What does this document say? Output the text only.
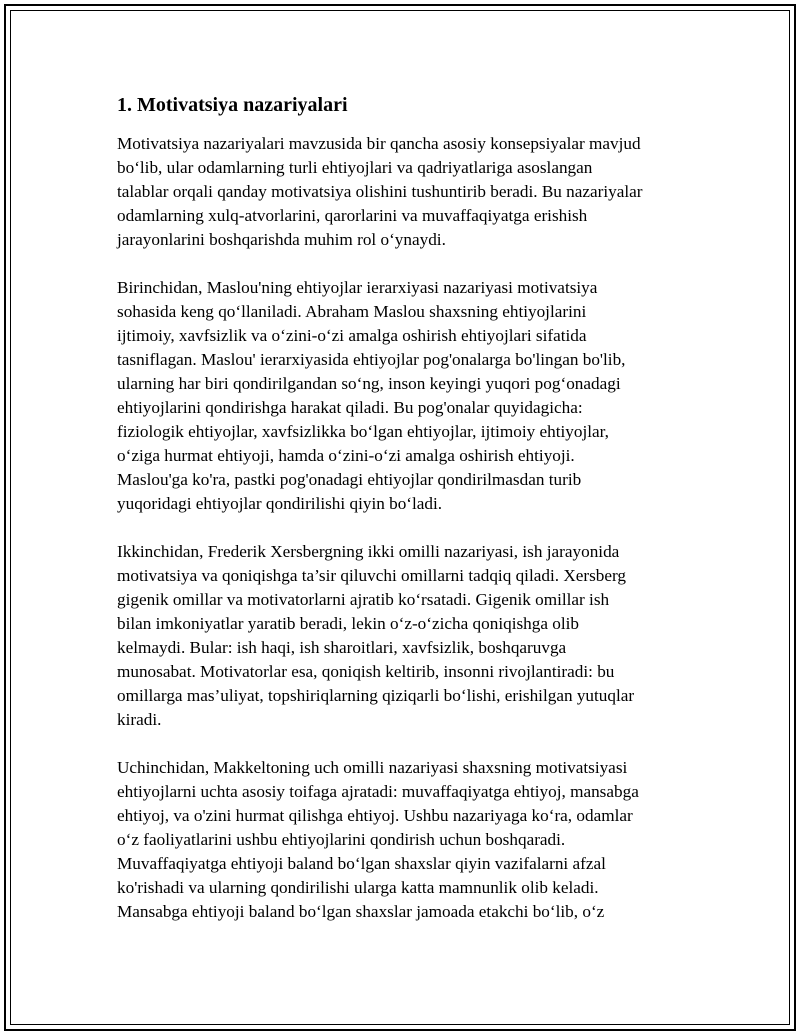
1. Motivatsiya nazariyalari
Motivatsiya nazariyalari mavzusida bir qancha asosiy konsepsiyalar mavjud
bo‘lib, ular odamlarning turli ehtiyojlari va qadriyatlariga asoslangan
talablar orqali qanday motivatsiya olishini tushuntirib beradi. Bu nazariyalar
odamlarning xulq-atvorlarini, qarorlarini va muvaffaqiyatga erishish
jarayonlarini boshqarishda muhim rol o‘ynaydi.
Birinchidan, Maslou'ning ehtiyojlar ierarxiyasi nazariyasi motivatsiya
sohasida keng qo‘llaniladi. Abraham Maslou shaxsning ehtiyojlarini
ijtimoiy, xavfsizlik va o‘zini-o‘zi amalga oshirish ehtiyojlari sifatida
tasniflagan. Maslou' ierarxiyasida ehtiyojlar pog'onalarga bo'lingan bo'lib,
ularning har biri qondirilgandan so‘ng, inson keyingi yuqori pog‘onadagi
ehtiyojlarini qondirishga harakat qiladi. Bu pog'onalar quyidagicha:
fiziologik ehtiyojlar, xavfsizlikka bo‘lgan ehtiyojlar, ijtimoiy ehtiyojlar,
o‘ziga hurmat ehtiyoji, hamda o‘zini-o‘zi amalga oshirish ehtiyoji.
Maslou'ga ko'ra, pastki pog'onadagi ehtiyojlar qondirilmasdan turib
yuqoridagi ehtiyojlar qondirilishi qiyin bo‘ladi.
Ikkinchidan, Frederik Xersbergning ikki omilli nazariyasi, ish jarayonida
motivatsiya va qoniqishga ta’sir qiluvchi omillarni tadqiq qiladi. Xersberg
gigenik omillar va motivatorlarni ajratib ko‘rsatadi. Gigenik omillar ish
bilan imkoniyatlar yaratib beradi, lekin o‘z-o‘zicha qoniqishga olib
kelmaydi. Bular: ish haqi, ish sharoitlari, xavfsizlik, boshqaruvga
munosabat. Motivatorlar esa, qoniqish keltirib, insonni rivojlantiradi: bu
omillarga mas’uliyat, topshiriqlarning qiziqarli bo‘lishi, erishilgan yutuqlar
kiradi.
Uchinchidan, Makkeltoning uch omilli nazariyasi shaxsning motivatsiyasi
ehtiyojlarni uchta asosiy toifaga ajratadi: muvaffaqiyatga ehtiyoj, mansabga
ehtiyoj, va o'zini hurmat qilishga ehtiyoj. Ushbu nazariyaga ko‘ra, odamlar
o‘z faoliyatlarini ushbu ehtiyojlarini qondirish uchun boshqaradi.
Muvaffaqiyatga ehtiyoji baland bo‘lgan shaxslar qiyin vazifalarni afzal
ko'rishadi va ularning qondirilishi ularga katta mamnunlik olib keladi.
Mansabga ehtiyoji baland bo‘lgan shaxslar jamoada etakchi bo‘lib, o‘z
